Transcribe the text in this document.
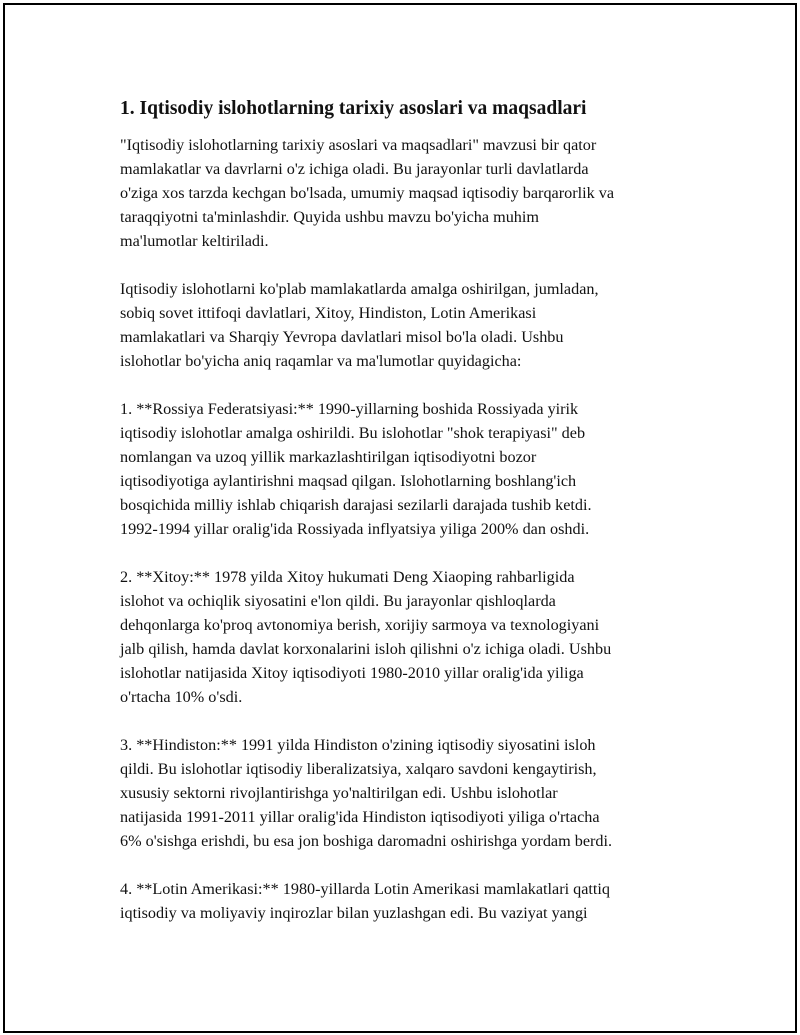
1. Iqtisodiy islohotlarning tarixiy asoslari va maqsadlari

"Iqtisodiy islohotlarning tarixiy asoslari va maqsadlari" mavzusi bir qator
mamlakatlar va davrlarni o'z ichiga oladi. Bu jarayonlar turli davlatlarda
o'ziga xos tarzda kechgan bo'lsada, umumiy maqsad iqtisodiy barqarorlik va
taraqqiyotni ta'minlashdir. Quyida ushbu mavzu bo'yicha muhim
ma'lumotlar keltiriladi.

Iqtisodiy islohotlarni ko'plab mamlakatlarda amalga oshirilgan, jumladan,
sobiq sovet ittifoqi davlatlari, Xitoy, Hindiston, Lotin Amerikasi
mamlakatlari va Sharqiy Yevropa davlatlari misol bo'la oladi. Ushbu
islohotlar bo'yicha aniq raqamlar va ma'lumotlar quyidagicha:

1. **Rossiya Federatsiyasi:** 1990-yillarning boshida Rossiyada yirik
iqtisodiy islohotlar amalga oshirildi. Bu islohotlar "shok terapiyasi" deb
nomlangan va uzoq yillik markazlashtirilgan iqtisodiyotni bozor
iqtisodiyotiga aylantirishni maqsad qilgan. Islohotlarning boshlang'ich
bosqichida milliy ishlab chiqarish darajasi sezilarli darajada tushib ketdi.
1992-1994 yillar oralig'ida Rossiyada inflyatsiya yiliga 200% dan oshdi.

2. **Xitoy:** 1978 yilda Xitoy hukumati Deng Xiaoping rahbarligida
islohot va ochiqlik siyosatini e'lon qildi. Bu jarayonlar qishloqlarda
dehqonlarga ko'proq avtonomiya berish, xorijiy sarmoya va texnologiyani
jalb qilish, hamda davlat korxonalarini isloh qilishni o'z ichiga oladi. Ushbu
islohotlar natijasida Xitoy iqtisodiyoti 1980-2010 yillar oralig'ida yiliga
o'rtacha 10% o'sdi.

3. **Hindiston:** 1991 yilda Hindiston o'zining iqtisodiy siyosatini isloh
qildi. Bu islohotlar iqtisodiy liberalizatsiya, xalqaro savdoni kengaytirish,
xususiy sektorni rivojlantirishga yo'naltirilgan edi. Ushbu islohotlar
natijasida 1991-2011 yillar oralig'ida Hindiston iqtisodiyoti yiliga o'rtacha
6% o'sishga erishdi, bu esa jon boshiga daromadni oshirishga yordam berdi.

4. **Lotin Amerikasi:** 1980-yillarda Lotin Amerikasi mamlakatlari qattiq
iqtisodiy va moliyaviy inqirozlar bilan yuzlashgan edi. Bu vaziyat yangi
